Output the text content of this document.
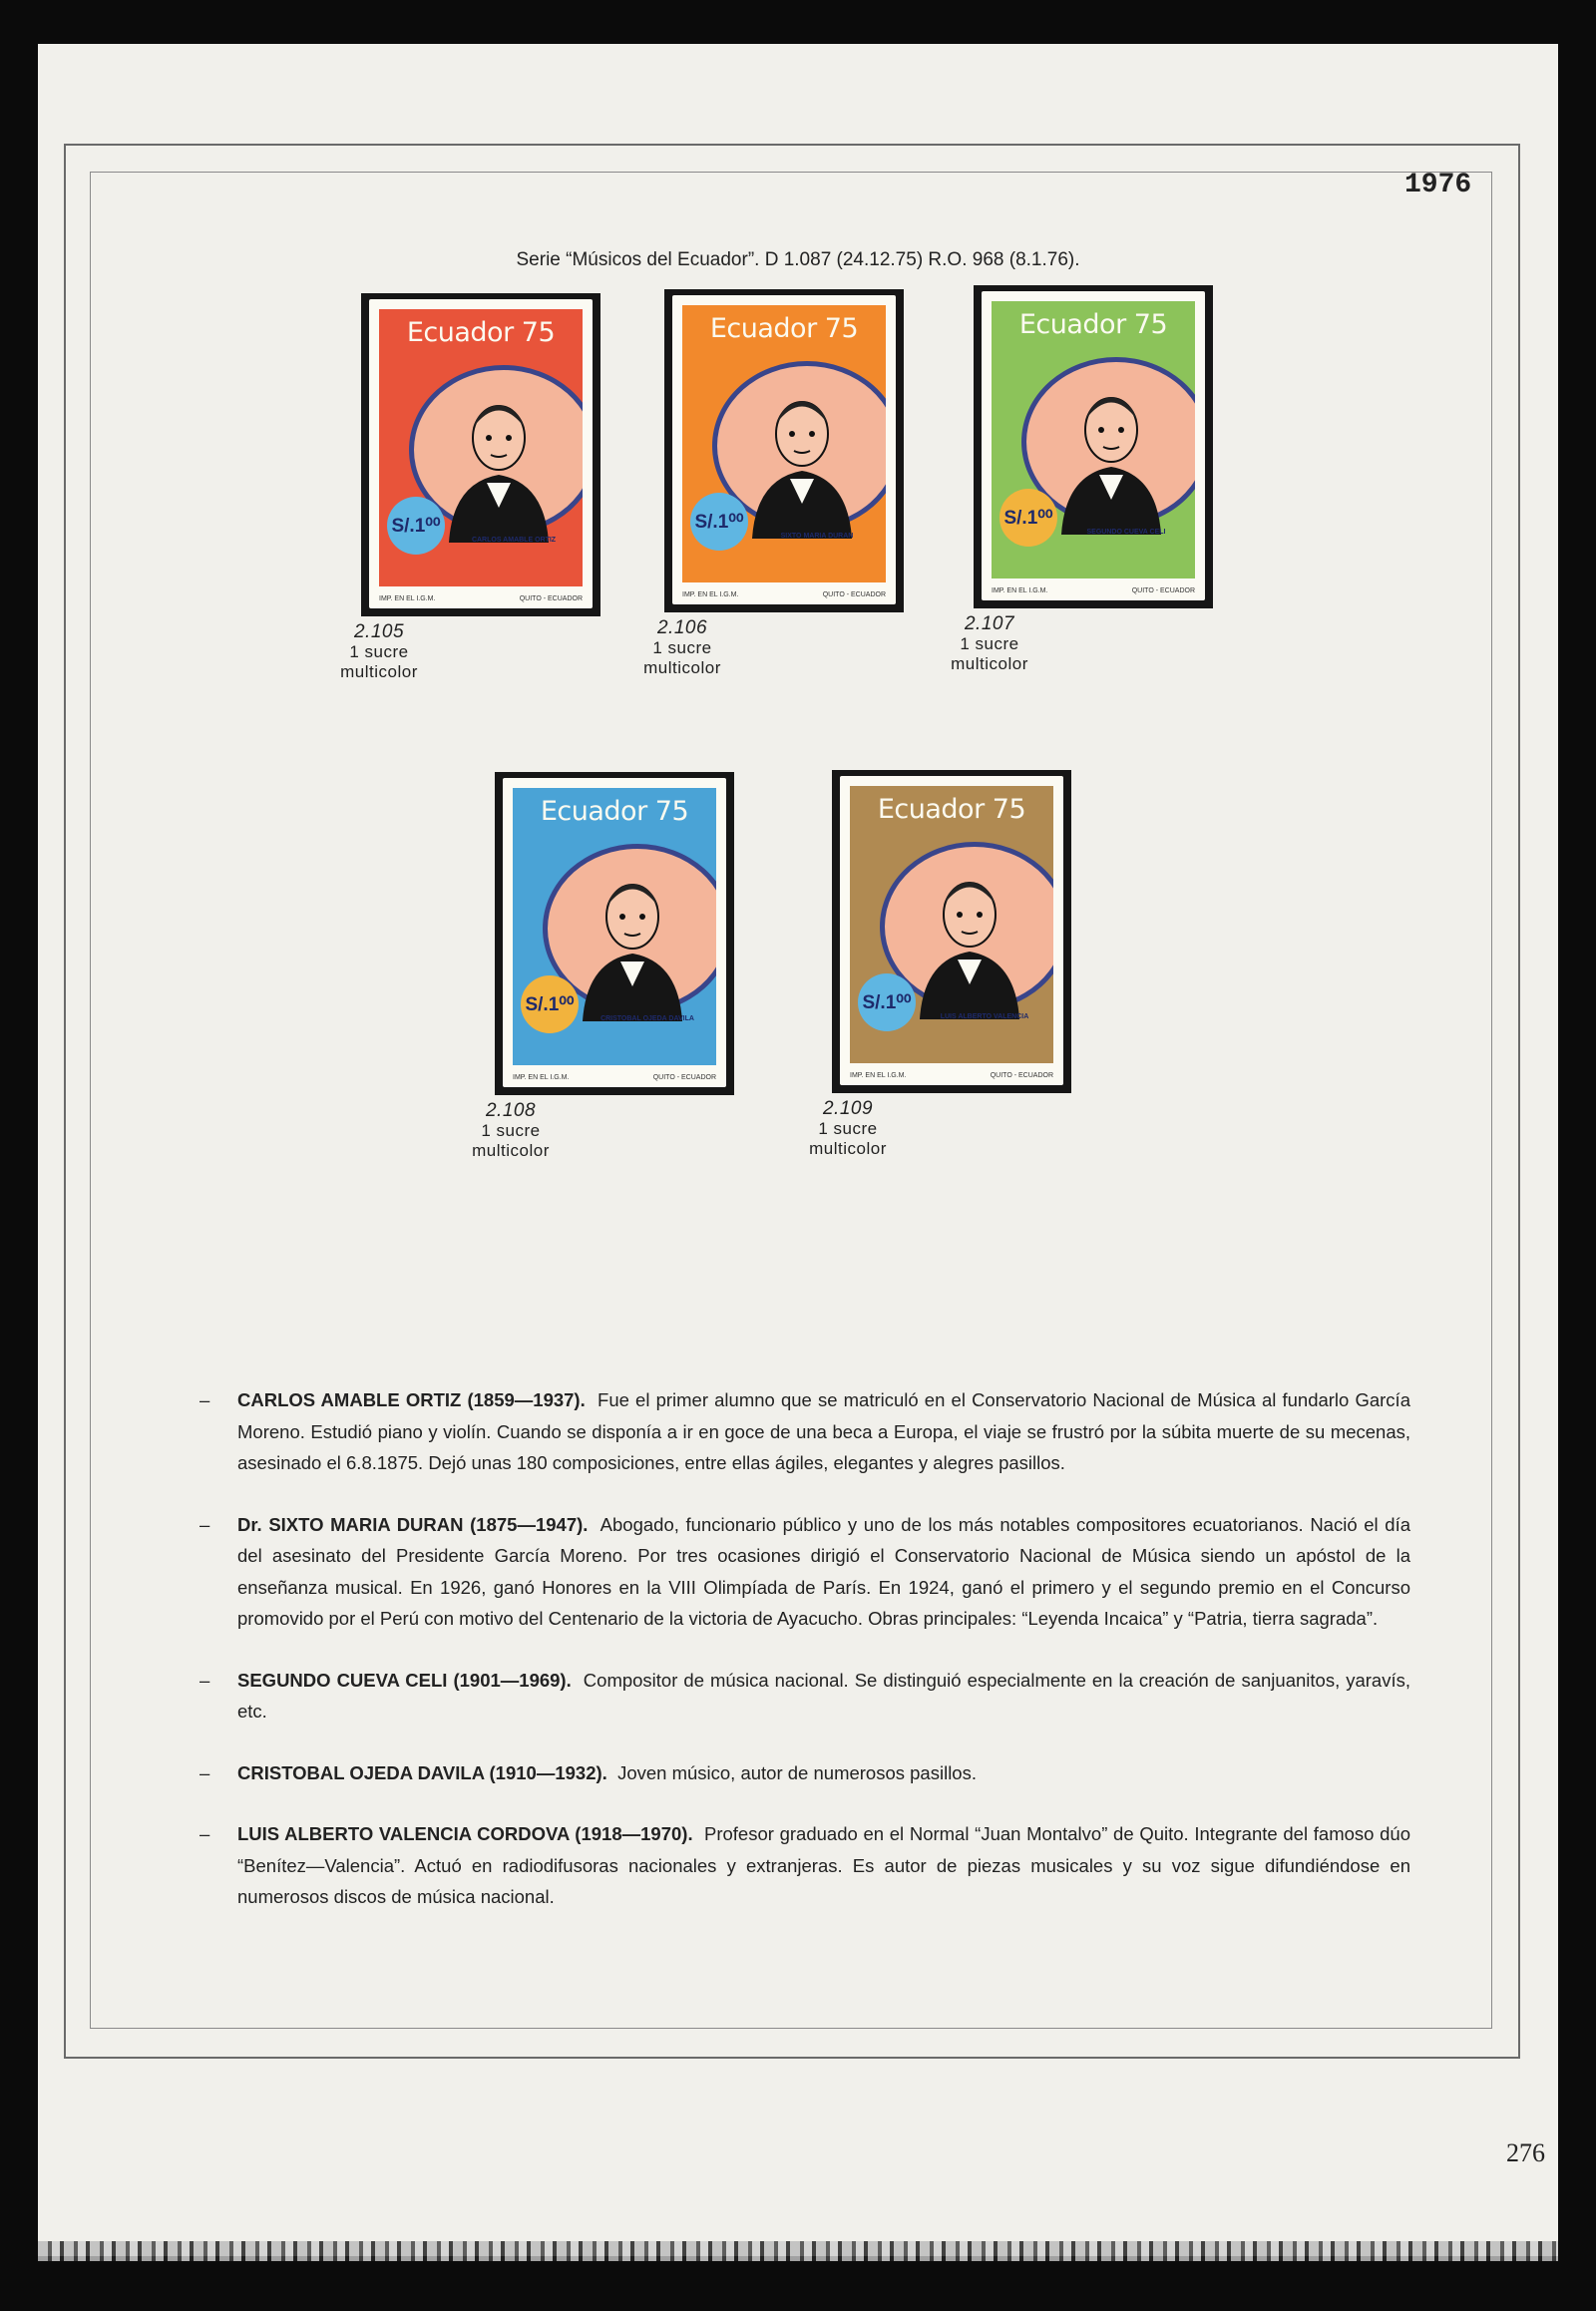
1976
Serie “Músicos del Ecuador”. D 1.087 (24.12.75) R.O. 968 (8.1.76).
Ecuador 75
S/.1⁰⁰
CARLOS AMABLE ORTIZ
IMP. EN EL I.G.M.	QUITO - ECUADOR
2.105
1 sucre
multicolor
Ecuador 75
S/.1⁰⁰
SIXTO MARIA DURAN
IMP. EN EL I.G.M.	QUITO - ECUADOR
2.106
1 sucre
multicolor
Ecuador 75
S/.1⁰⁰
SEGUNDO CUEVA CELI
IMP. EN EL I.G.M.	QUITO - ECUADOR
2.107
1 sucre
multicolor
Ecuador 75
S/.1⁰⁰
CRISTOBAL OJEDA DAVILA
IMP. EN EL I.G.M.	QUITO - ECUADOR
2.108
1 sucre
multicolor
Ecuador 75
S/.1⁰⁰
LUIS ALBERTO VALENCIA
IMP. EN EL I.G.M.	QUITO - ECUADOR
2.109
1 sucre
multicolor
– CARLOS AMABLE ORTIZ (1859—1937). Fue el primer alumno que se matriculó en el Conservatorio Nacional de Música al fundarlo García Moreno. Estudió piano y violín. Cuando se disponía a ir en goce de una beca a Europa, el viaje se frustró por la súbita muerte de su mecenas, asesinado el 6.8.1875. Dejó unas 180 composiciones, entre ellas ágiles, elegantes y alegres pasillos.
– Dr. SIXTO MARIA DURAN (1875—1947). Abogado, funcionario público y uno de los más notables compositores ecuatorianos. Nació el día del asesinato del Presidente García Moreno. Por tres ocasiones dirigió el Conservatorio Nacional de Música siendo un apóstol de la enseñanza musical. En 1926, ganó Honores en la VIII Olimpíada de París. En 1924, ganó el primero y el segundo premio en el Concurso promovido por el Perú con motivo del Centenario de la victoria de Ayacucho. Obras principales: “Leyenda Incaica” y “Patria, tierra sagrada”.
– SEGUNDO CUEVA CELI (1901—1969). Compositor de música nacional. Se distinguió especialmente en la creación de sanjuanitos, yaravís, etc.
– CRISTOBAL OJEDA DAVILA (1910—1932). Joven músico, autor de numerosos pasillos.
– LUIS ALBERTO VALENCIA CORDOVA (1918—1970). Profesor graduado en el Normal “Juan Montalvo” de Quito. Integrante del famoso dúo “Benítez—Valencia”. Actuó en radiodifusoras nacionales y extranjeras. Es autor de piezas musicales y su voz sigue difundiéndose en numerosos discos de música nacional.
276
